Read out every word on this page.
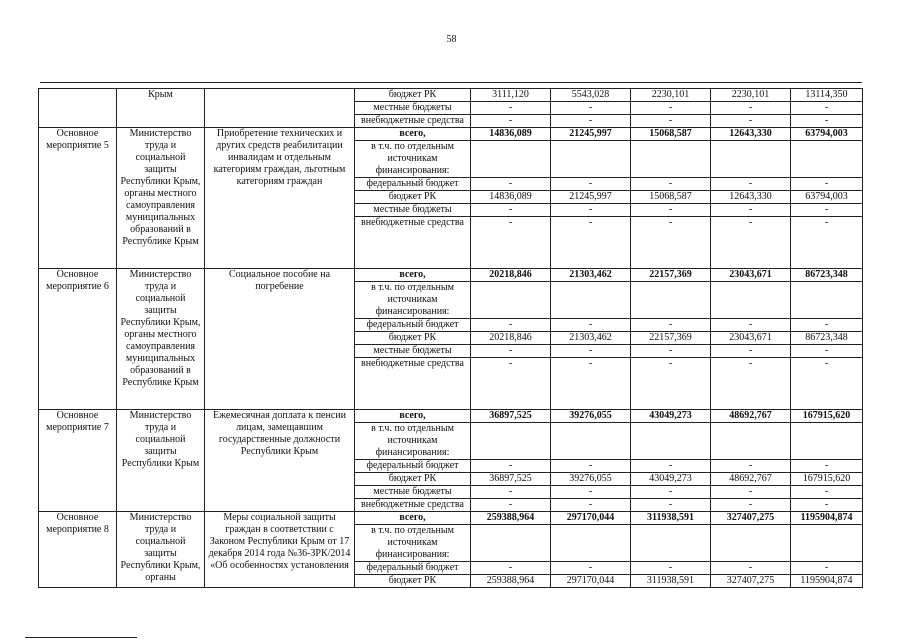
58
	Крым		бюджет РК	3111,120	5543,028	2230,101	2230,101	13114,350
			местные бюджеты	-	-	-	-	-
			внебюджетные средства	-	-	-	-	-
Основное мероприятие 5	Министерство труда и социальной защиты Республики Крым, органы местного самоуправления муниципальных образований в Республике Крым	Приобретение технических и других средств реабилитации инвалидам и отдельным категориям граждан, льготным категориям граждан	всего,	14836,089	21245,997	15068,587	12643,330	63794,003
			в т.ч. по отдельным источникам финансирования:					
			федеральный бюджет	-	-	-	-	-
			бюджет РК	14836,089	21245,997	15068,587	12643,330	63794,003
			местные бюджеты	-	-	-	-	-
			внебюджетные средства	-	-	-	-	-
Основное мероприятие 6	Министерство труда и социальной защиты Республики Крым, органы местного самоуправления муниципальных образований в Республике Крым	Социальное пособие на погребение	всего,	20218,846	21303,462	22157,369	23043,671	86723,348
			в т.ч. по отдельным источникам финансирования:					
			федеральный бюджет	-	-	-	-	-
			бюджет РК	20218,846	21303,462	22157,369	23043,671	86723,348
			местные бюджеты	-	-	-	-	-
			внебюджетные средства	-	-	-	-	-
Основное мероприятие 7	Министерство труда и социальной защиты Республики Крым	Ежемесячная доплата к пенсии лицам, замещавшим государственные должности Республики Крым	всего,	36897,525	39276,055	43049,273	48692,767	167915,620
			в т.ч. по отдельным источникам финансирования:					
			федеральный бюджет	-	-	-	-	-
			бюджет РК	36897,525	39276,055	43049,273	48692,767	167915,620
			местные бюджеты	-	-	-	-	-
			внебюджетные средства	-	-	-	-	-
Основное мероприятие 8	Министерство труда и социальной защиты Республики Крым, органы	Меры социальной защиты граждан в соответствии с Законом Республики Крым от 17 декабря 2014 года №36-ЗРК/2014 «Об особенностях установления	всего,	259388,964	297170,044	311938,591	327407,275	1195904,874
			в т.ч. по отдельным источникам финансирования:					
			федеральный бюджет	-	-	-	-	-
			бюджет РК	259388,964	297170,044	311938,591	327407,275	1195904,874
